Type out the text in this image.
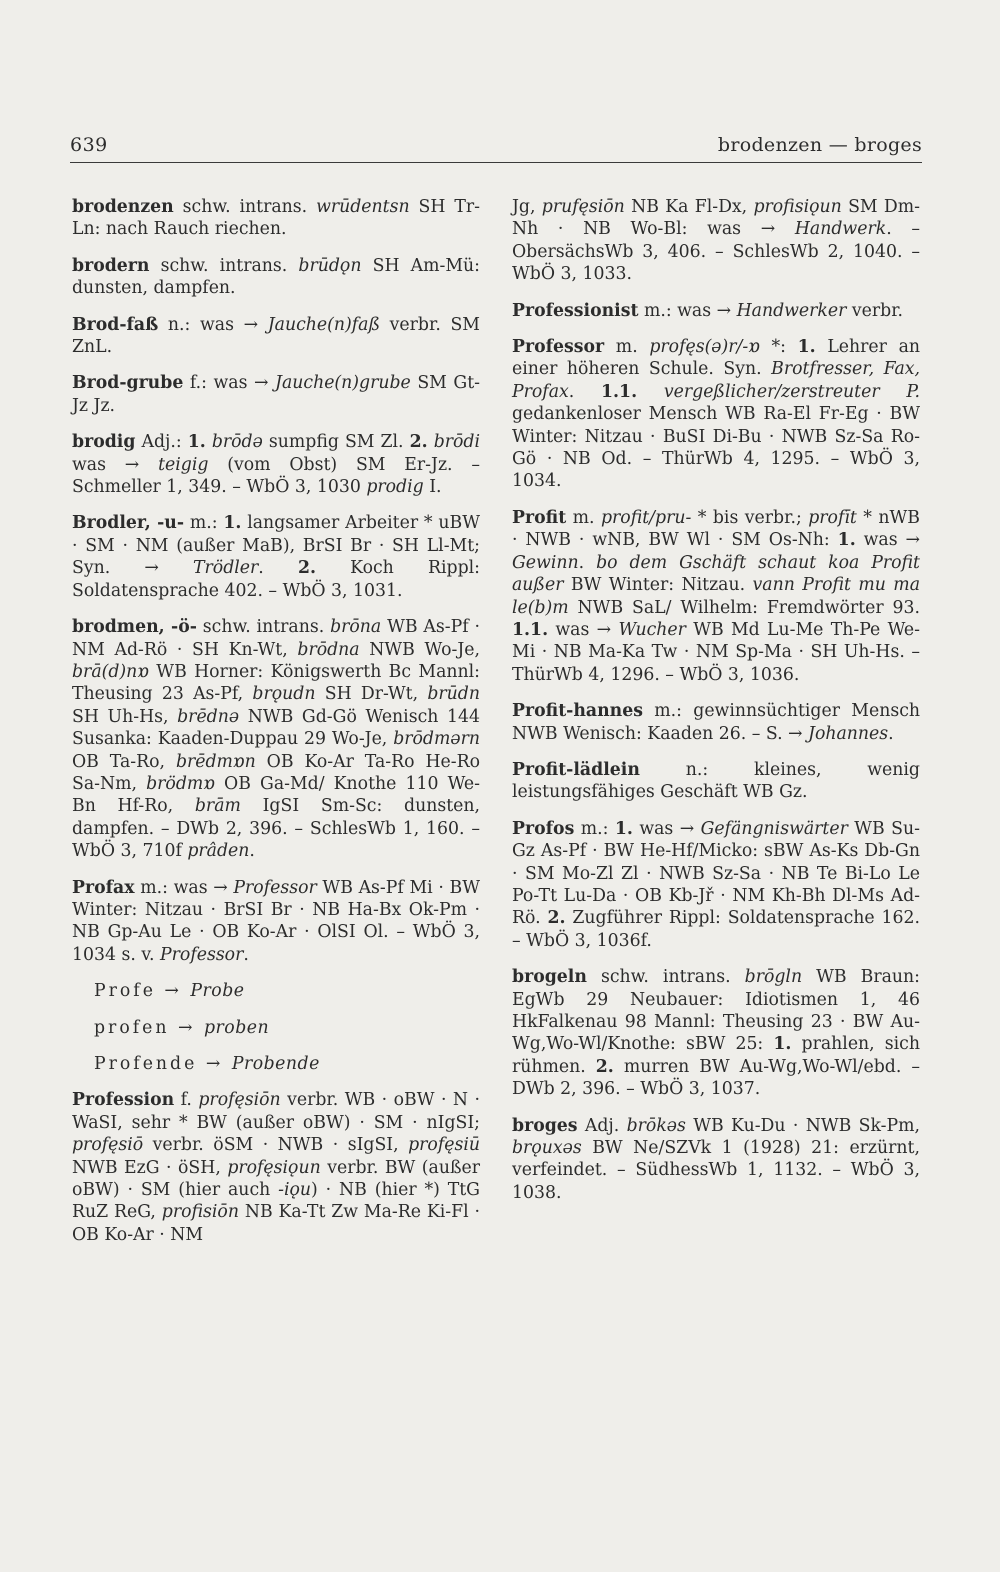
639	brodenzen — broges
brodenzen schw. intrans. wrūdentsn SH Tr-Ln: nach Rauch riechen.
brodern schw. intrans. brūdǫn SH Am-Mü: dunsten, dampfen.
Brod-faß n.: was → Jauche(n)faß verbr. SM ZnL.
Brod-grube f.: was → Jauche(n)grube SM Gt-Jz Jz.
brodig Adj.: 1. brōdə sumpfig SM Zl. 2. brōdi was → teigig (vom Obst) SM Er-Jz. – Schmeller 1, 349. – WbÖ 3, 1030 prodig I.
Brodler, -u- m.: 1. langsamer Arbeiter * uBW · SM · NM (außer MaB), BrSI Br · SH Ll-Mt; Syn. → Trödler. 2. Koch Rippl: Soldatensprache 402. – WbÖ 3, 1031.
brodmen, -ö- schw. intrans. brōna WB As-Pf · NM Ad-Rö · SH Kn-Wt, brōdna NWB Wo-Je, brā(d)nɒ WB Horner: Königswerth Bc Mannl: Theusing 23 As-Pf, brǫudn SH Dr-Wt, brūdn SH Uh-Hs, brēdnə NWB Gd-Gö Wenisch 144 Susanka: Kaaden-Duppau 29 Wo-Je, brōdmərn OB Ta-Ro, brēdmɒn OB Ko-Ar Ta-Ro He-Ro Sa-Nm, brödmɒ OB Ga-Md/ Knothe 110 We-Bn Hf-Ro, brām IgSI Sm-Sc: dunsten, dampfen. – DWb 2, 396. – SchlesWb 1, 160. – WbÖ 3, 710f prâden.
Profax m.: was → Professor WB As-Pf Mi · BW Winter: Nitzau · BrSI Br · NB Ha-Bx Ok-Pm · NB Gp-Au Le · OB Ko-Ar · OlSI Ol. – WbÖ 3, 1034 s. v. Professor.
Profe → Probe
profen → proben
Profende → Probende
Profession f. profęsiōn verbr. WB · oBW · N · WaSI, sehr * BW (außer oBW) · SM · nIgSI; profęsiō verbr. öSM · NWB · sIgSI, profęsiū NWB EzG · öSH, profęsiǫun verbr. BW (außer oBW) · SM (hier auch -iǫu) · NB (hier *) TtG RuZ ReG, profisiōn NB Ka-Tt Zw Ma-Re Ki-Fl · OB Ko-Ar · NM
Jg, prufęsiōn NB Ka Fl-Dx, profisiǫun SM Dm-Nh · NB Wo-Bl: was → Handwerk. – ObersächsWb 3, 406. – SchlesWb 2, 1040. – WbÖ 3, 1033.
Professionist m.: was → Handwerker verbr.
Professor m. profęs(ə)r/-ɒ *: 1. Lehrer an einer höheren Schule. Syn. Brotfresser, Fax, Profax. 1.1. vergeßlicher/zerstreuter P. gedankenloser Mensch WB Ra-El Fr-Eg · BW Winter: Nitzau · BuSI Di-Bu · NWB Sz-Sa Ro-Gö · NB Od. – ThürWb 4, 1295. – WbÖ 3, 1034.
Profit m. profit/pru- * bis verbr.; profīt * nWB · NWB · wNB, BW Wl · SM Os-Nh: 1. was → Gewinn. bo dem Gschäft schaut koa Profit außer BW Winter: Nitzau. vann Profit mu ma le(b)m NWB SaL/ Wilhelm: Fremdwörter 93. 1.1. was → Wucher WB Md Lu-Me Th-Pe We-Mi · NB Ma-Ka Tw · NM Sp-Ma · SH Uh-Hs. – ThürWb 4, 1296. – WbÖ 3, 1036.
Profit-hannes m.: gewinnsüchtiger Mensch NWB Wenisch: Kaaden 26. – S. → Johannes.
Profit-lädlein n.: kleines, wenig leistungsfähiges Geschäft WB Gz.
Profos m.: 1. was → Gefängniswärter WB Su-Gz As-Pf · BW He-Hf/Micko: sBW As-Ks Db-Gn · SM Mo-Zl Zl · NWB Sz-Sa · NB Te Bi-Lo Le Po-Tt Lu-Da · OB Kb-Jř · NM Kh-Bh Dl-Ms Ad-Rö. 2. Zugführer Rippl: Soldatensprache 162. – WbÖ 3, 1036f.
brogeln schw. intrans. brōgln WB Braun: EgWb 29 Neubauer: Idiotismen 1, 46 HkFalkenau 98 Mannl: Theusing 23 · BW Au-Wg,Wo-Wl/Knothe: sBW 25: 1. prahlen, sich rühmen. 2. murren BW Au-Wg,Wo-Wl/ebd. – DWb 2, 396. – WbÖ 3, 1037.
broges Adj. brōkəs WB Ku-Du · NWB Sk-Pm, brǫuxəs BW Ne/SZVk 1 (1928) 21: erzürnt, verfeindet. – SüdhessWb 1, 1132. – WbÖ 3, 1038.
